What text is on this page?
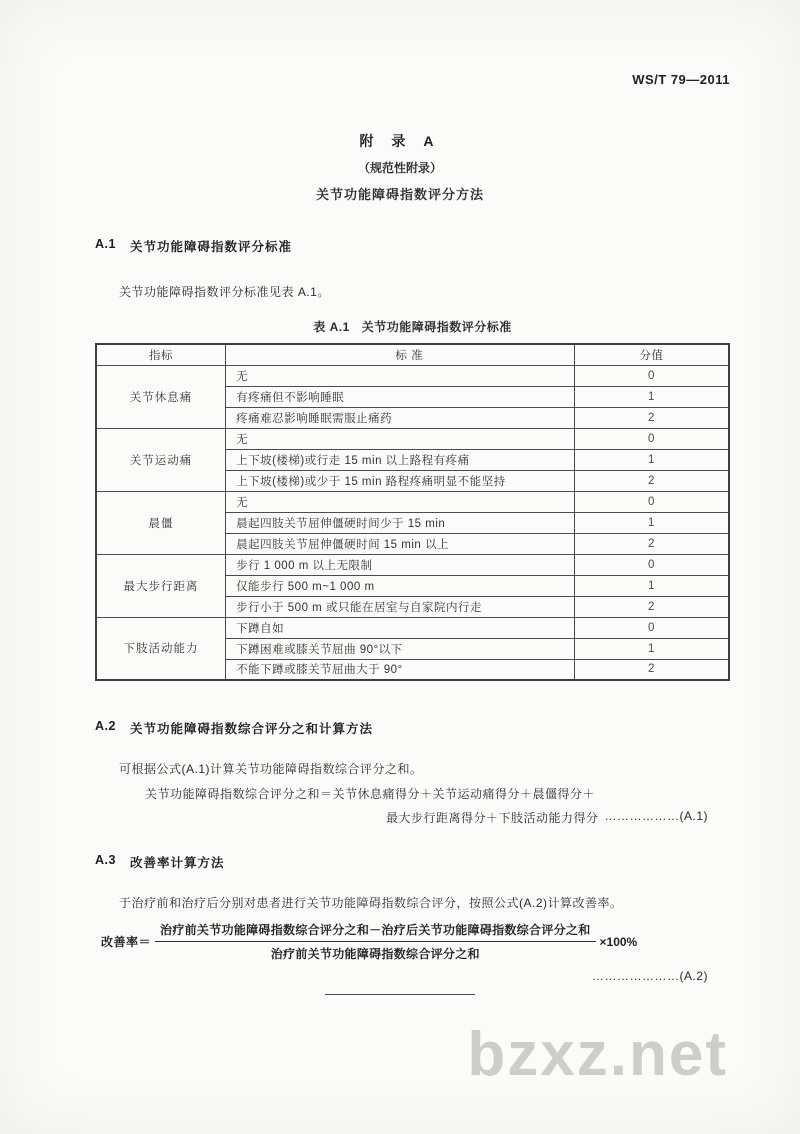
WS/T 79—2011
附 录 A
（规范性附录）
关节功能障碍指数评分方法
A.1 关节功能障碍指数评分标准

关节功能障碍指数评分标准见表 A.1。

表 A.1 关节功能障碍指数评分标准
指标	标 准	分值
关节休息痛	无	0
	有疼痛但不影响睡眠	1
	疼痛难忍影响睡眠需服止痛药	2
关节运动痛	无	0
	上下坡(楼梯)或行走 15 min 以上路程有疼痛	1
	上下坡(楼梯)或少于 15 min 路程疼痛明显不能坚持	2
晨僵	无	0
	晨起四肢关节屈伸僵硬时间少于 15 min	1
	晨起四肢关节屈伸僵硬时间 15 min 以上	2
最大步行距离	步行 1 000 m 以上无限制	0
	仅能步行 500 m~1 000 m	1
	步行小于 500 m 或只能在居室与自家院内行走	2
下肢活动能力	下蹲自如	0
	下蹲困难或膝关节屈曲 90°以下	1
	不能下蹲或膝关节屈曲大于 90°	2
A.2 关节功能障碍指数综合评分之和计算方法

可根据公式(A.1)计算关节功能障碍指数综合评分之和。

关节功能障碍指数综合评分之和＝关节休息痛得分＋关节运动痛得分＋晨僵得分＋
最大步行距离得分＋下肢活动能力得分 ………………(A.1)
A.3 改善率计算方法

于治疗前和治疗后分别对患者进行关节功能障碍指数综合评分，按照公式(A.2)计算改善率。

改善率＝ $\frac{\text{治疗前关节功能障碍指数综合评分之和－治疗后关节功能障碍指数综合评分之和}}{\text{治疗前关节功能障碍指数综合评分之和}} \times 100\%$
…………………(A.2)
bzxz.net
